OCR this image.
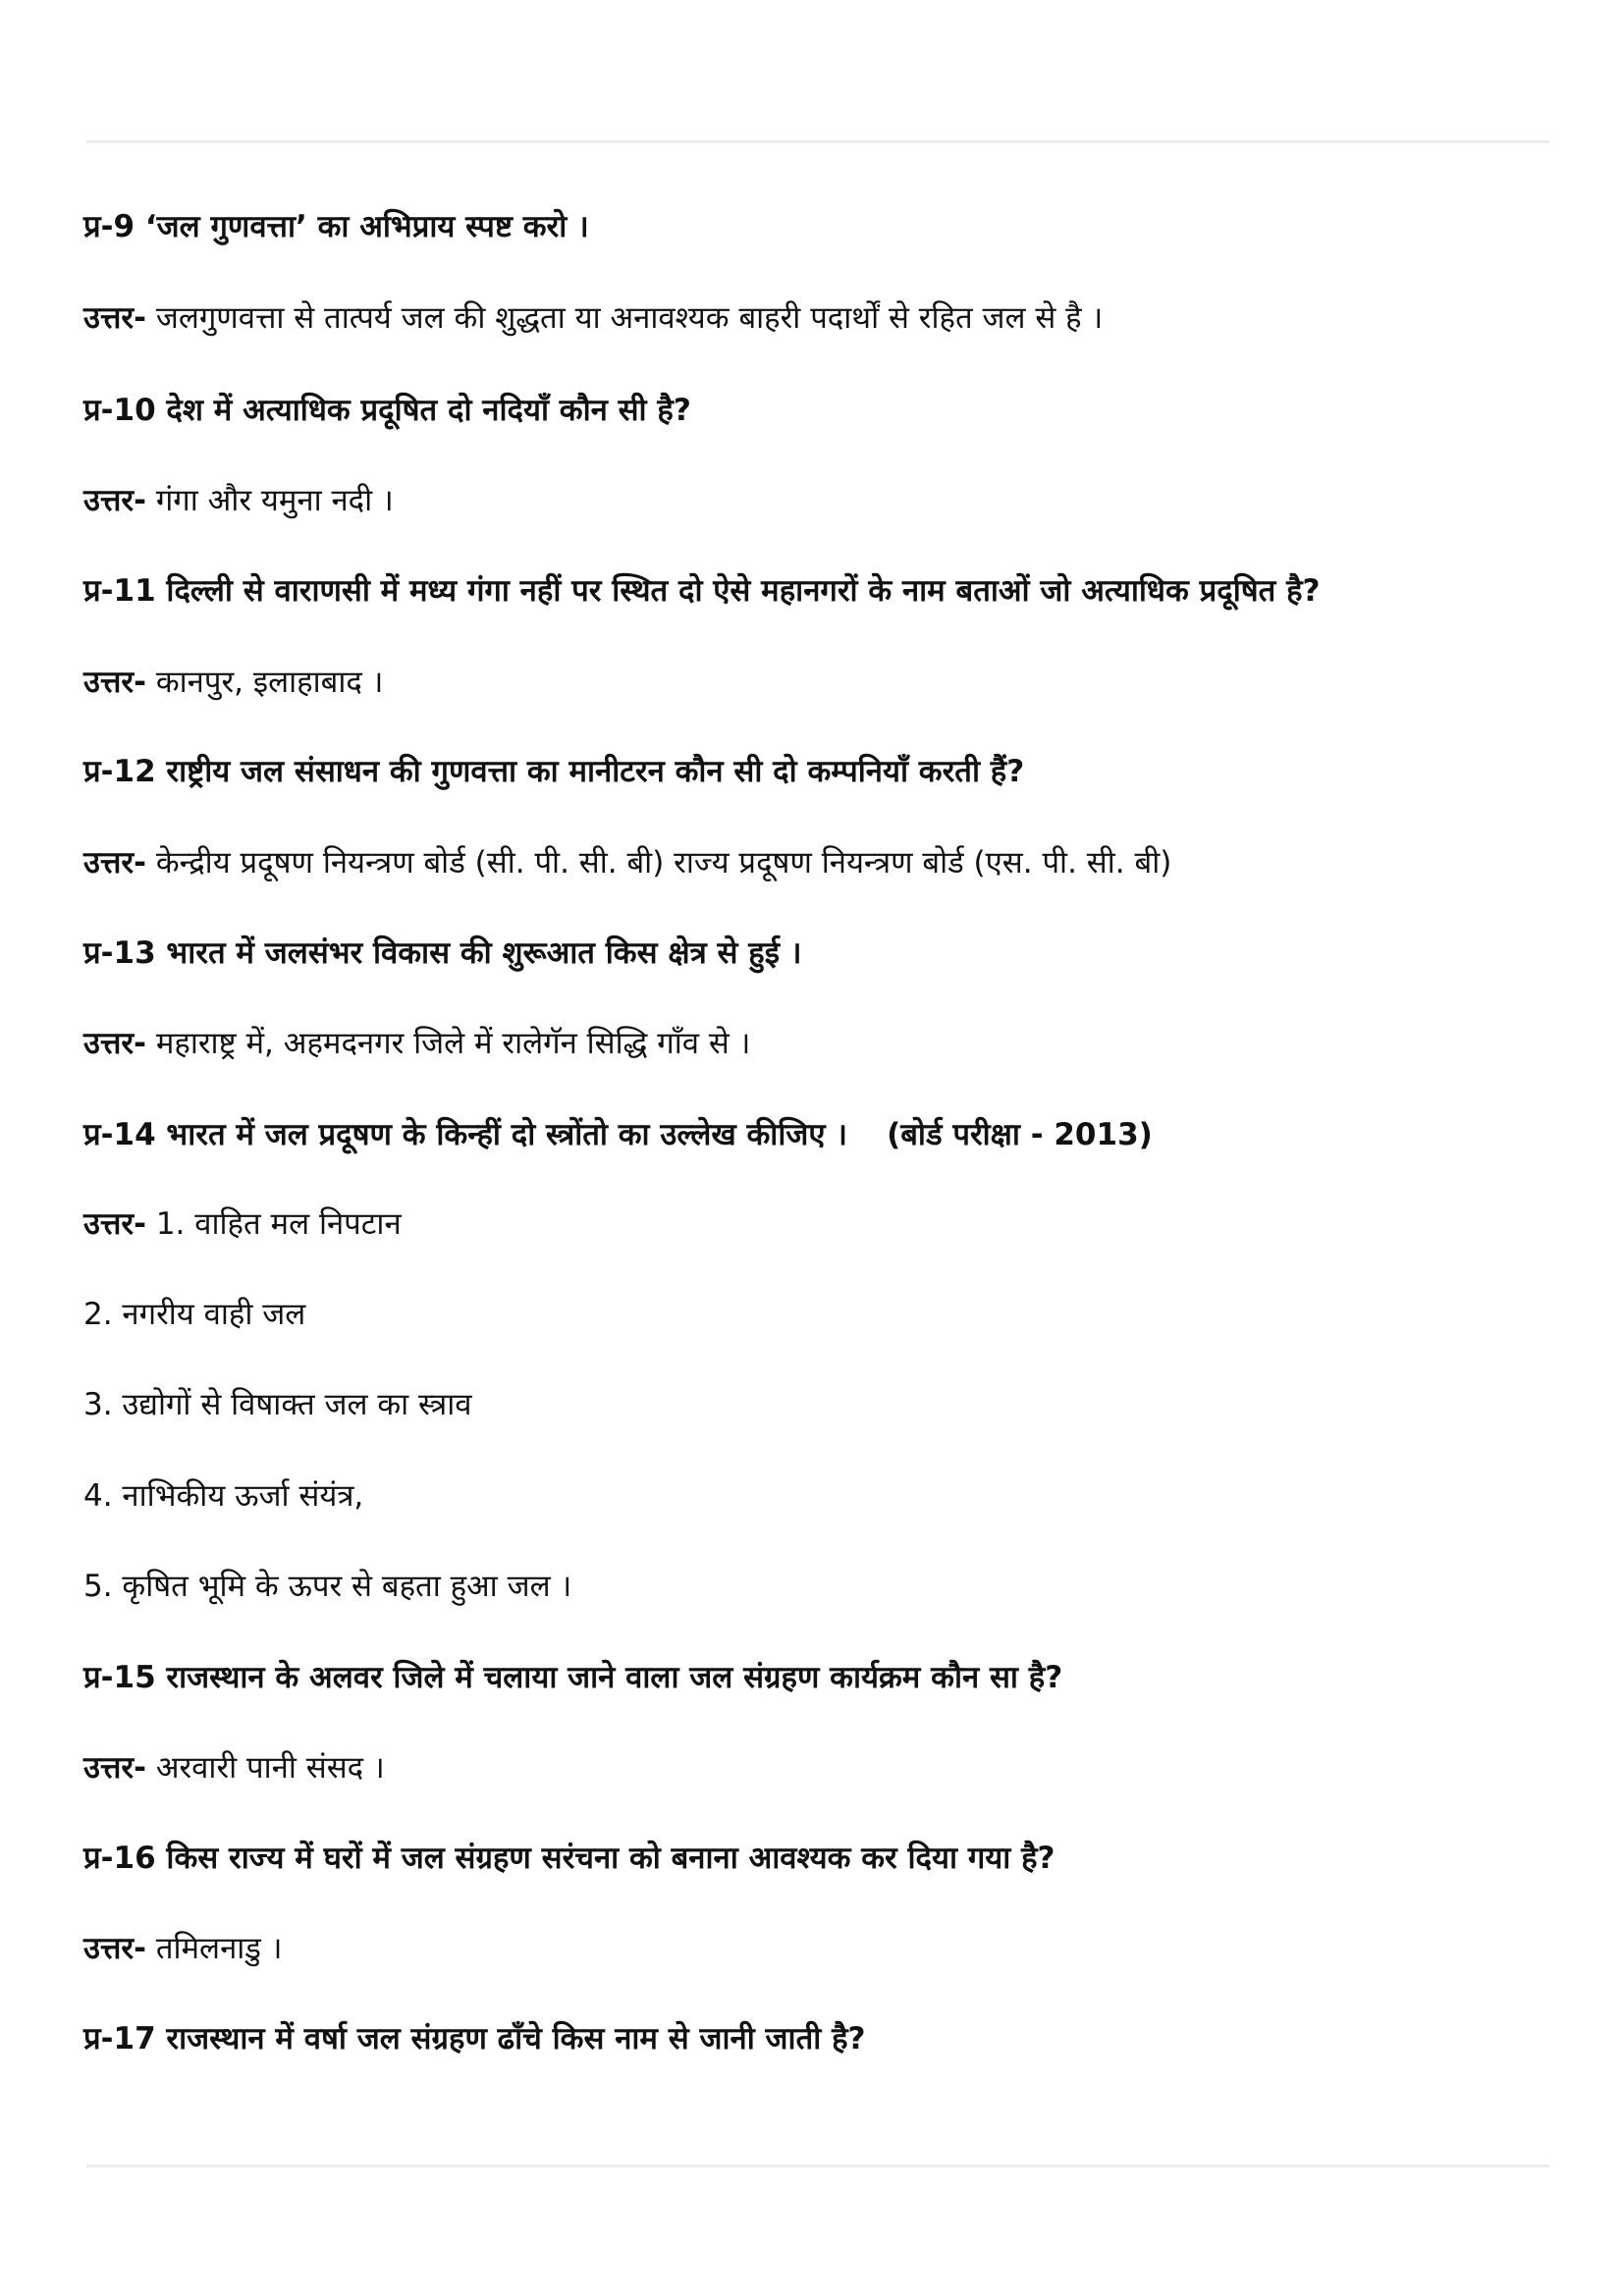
प्र-9 ‘जल गुणवत्ता’ का अभिप्राय स्पष्ट करो ।
उत्तर- जलगुणवत्ता से तात्पर्य जल की शुद्धता या अनावश्यक बाहरी पदार्थों से रहित जल से है ।
प्र-10 देश में अत्याधिक प्रदूषित दो नदियाँ कौन सी है?
उत्तर- गंगा और यमुना नदी ।
प्र-11 दिल्ली से वाराणसी में मध्य गंगा नहीं पर स्थित दो ऐसे महानगरों के नाम बताओं जो अत्याधिक प्रदूषित है?
उत्तर- कानपुर, इलाहाबाद ।
प्र-12 राष्ट्रीय जल संसाधन की गुणवत्ता का मानीटरन कौन सी दो कम्पनियाँ करती हैं?
उत्तर- केन्द्रीय प्रदूषण नियन्त्रण बोर्ड (सी. पी. सी. बी) राज्य प्रदूषण नियन्त्रण बोर्ड (एस. पी. सी. बी)
प्र-13 भारत में जलसंभर विकास की शुरूआत किस क्षेत्र से हुई ।
उत्तर- महाराष्ट्र में, अहमदनगर जिले में रालेगॅन सिद्धि गाँव से ।
प्र-14 भारत में जल प्रदूषण के किन्हीं दो स्त्रोंतो का उल्लेख कीजिए । (बोर्ड परीक्षा - 2013)
उत्तर- 1. वाहित मल निपटान
2. नगरीय वाही जल
3. उद्योगों से विषाक्त जल का स्त्राव
4. नाभिकीय ऊर्जा संयंत्र,
5. कृषित भूमि के ऊपर से बहता हुआ जल ।
प्र-15 राजस्थान के अलवर जिले में चलाया जाने वाला जल संग्रहण कार्यक्रम कौन सा है?
उत्तर- अरवारी पानी संसद ।
प्र-16 किस राज्य में घरों में जल संग्रहण सरंचना को बनाना आवश्यक कर दिया गया है?
उत्तर- तमिलनाडु ।
प्र-17 राजस्थान में वर्षा जल संग्रहण ढाँचे किस नाम से जानी जाती है?
